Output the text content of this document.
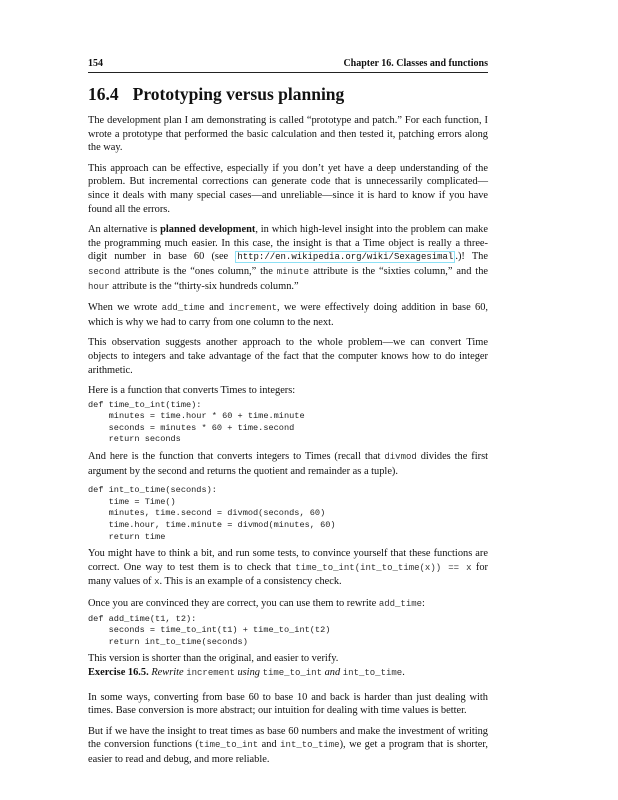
154	Chapter 16. Classes and functions
16.4 Prototyping versus planning

The development plan I am demonstrating is called “prototype and patch.” For each function, I wrote a prototype that performed the basic calculation and then tested it, patching errors along the way.

This approach can be effective, especially if you don’t yet have a deep understanding of the problem. But incremental corrections can generate code that is unnecessarily complicated—since it deals with many special cases—and unreliable—since it is hard to know if you have found all the errors.

An alternative is planned development, in which high-level insight into the problem can make the programming much easier. In this case, the insight is that a Time object is really a three-digit number in base 60 (see http://en.wikipedia.org/wiki/Sexagesimal .)! The second attribute is the “ones column,” the minute attribute is the “sixties column,” and the hour attribute is the “thirty-six hundreds column.”

When we wrote add_time and increment, we were effectively doing addition in base 60, which is why we had to carry from one column to the next.

This observation suggests another approach to the whole problem—we can convert Time objects to integers and take advantage of the fact that the computer knows how to do integer arithmetic.

Here is a function that converts Times to integers:

def time_to_int(time):
minutes = time.hour * 60 + time.minute
seconds = minutes * 60 + time.second
return seconds

And here is the function that converts integers to Times (recall that divmod divides the first argument by the second and returns the quotient and remainder as a tuple).

def int_to_time(seconds):
time = Time()
minutes, time.second = divmod(seconds, 60)
time.hour, time.minute = divmod(minutes, 60)
return time

You might have to think a bit, and run some tests, to convince yourself that these functions are correct. One way to test them is to check that time_to_int(int_to_time(x)) == x for many values of x. This is an example of a consistency check.

Once you are convinced they are correct, you can use them to rewrite add_time:

def add_time(t1, t2):
seconds = time_to_int(t1) + time_to_int(t2)
return int_to_time(seconds)

This version is shorter than the original, and easier to verify.

Exercise 16.5. Rewrite increment using time_to_int and int_to_time.

In some ways, converting from base 60 to base 10 and back is harder than just dealing with times. Base conversion is more abstract; our intuition for dealing with time values is better.

But if we have the insight to treat times as base 60 numbers and make the investment of writing the conversion functions (time_to_int and int_to_time), we get a program that is shorter, easier to read and debug, and more reliable.
